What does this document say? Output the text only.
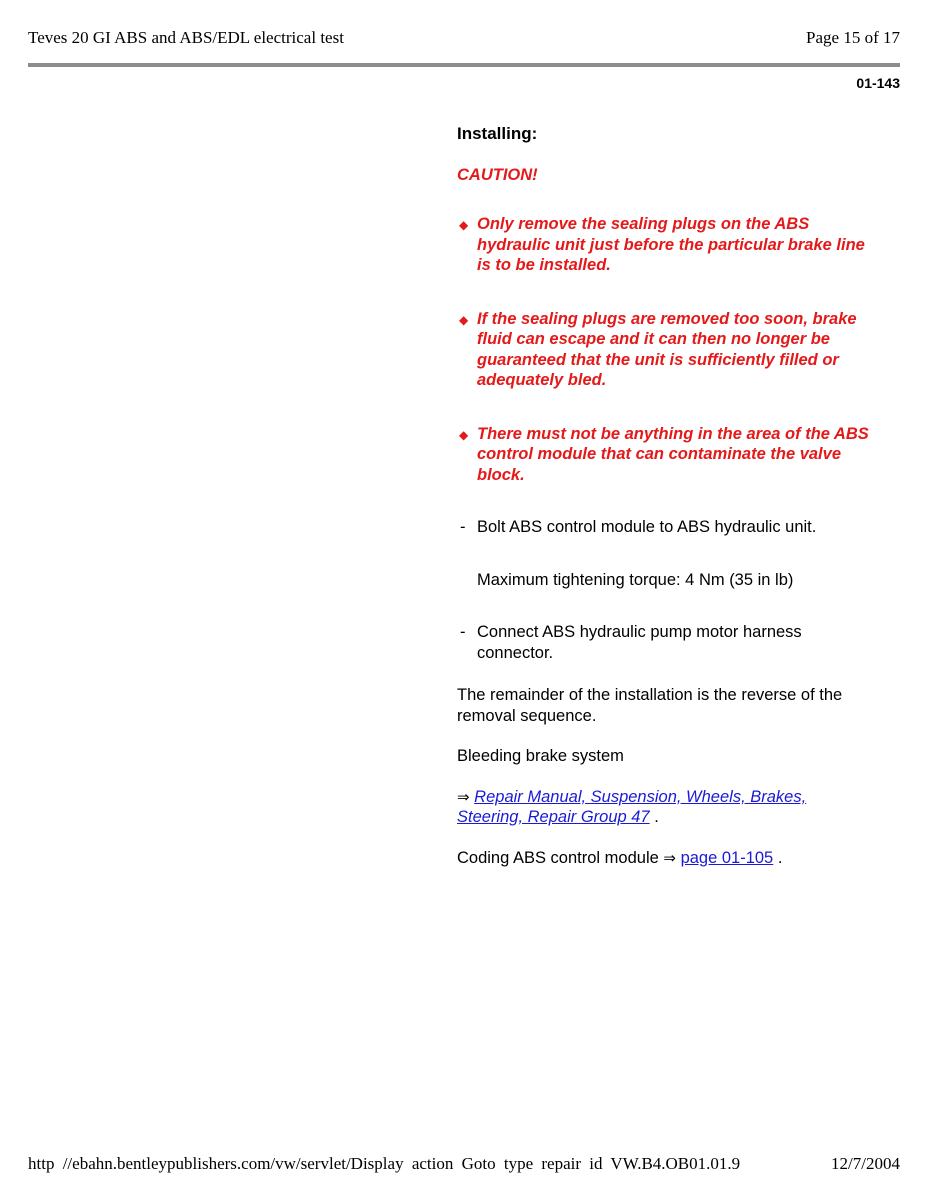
Teves 20 GI ABS and ABS/EDL electrical test	Page 15 of 17
01-143

Installing:

CAUTION!

◆ Only remove the sealing plugs on the ABS hydraulic unit just before the particular brake line is to be installed.
◆ If the sealing plugs are removed too soon, brake fluid can escape and it can then no longer be guaranteed that the unit is sufficiently filled or adequately bled.
◆ There must not be anything in the area of the ABS control module that can contaminate the valve block.
- Bolt ABS control module to ABS hydraulic unit.

Maximum tightening torque: 4 Nm (35 in lb)

- Connect ABS hydraulic pump motor harness connector.

The remainder of the installation is the reverse of the removal sequence.

Bleeding brake system

⇒ Repair Manual, Suspension, Wheels, Brakes, Steering, Repair Group 47 .

Coding ABS control module ⇒ page 01-105 .

http //ebahn.bentleypublishers.com/vw/servlet/Display action Goto type repair id VW.B4.OB01.01.9	12/7/2004
